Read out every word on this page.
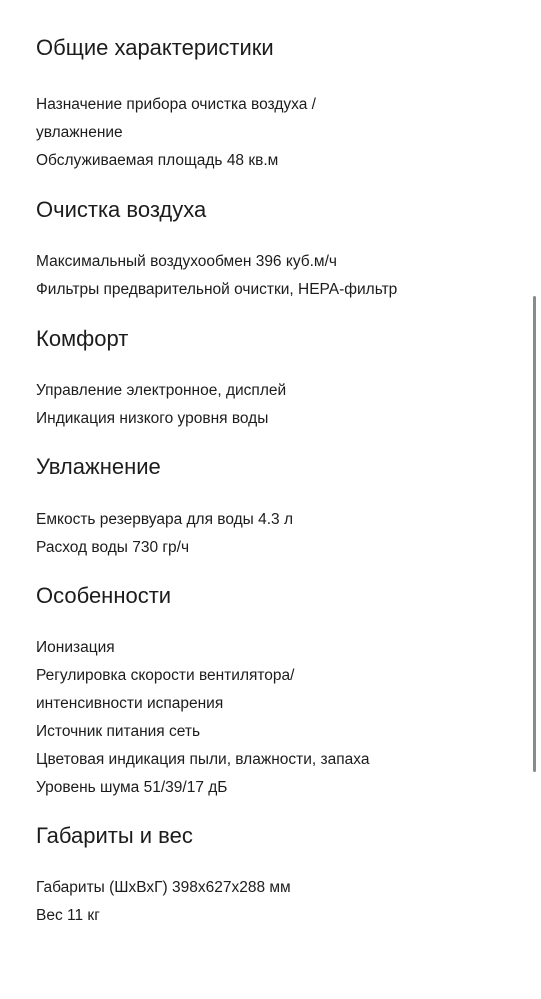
Общие характеристики

Назначение прибора очистка воздуха /

увлажнение

Обслуживаемая площадь 48 кв.м

Очистка воздуха

Максимальный воздухообмен 396 куб.м/ч

Фильтры предварительной очистки, HEPA-фильтр

Комфорт

Управление электронное, дисплей

Индикация низкого уровня воды

Увлажнение

Емкость резервуара для воды 4.3 л

Расход воды 730 гр/ч

Особенности

Ионизация

Регулировка скорости вентилятора/

интенсивности испарения

Источник питания сеть

Цветовая индикация пыли, влажности, запаха

Уровень шума 51/39/17 дБ

Габариты и вес

Габариты (ШхВхГ) 398x627x288 мм

Вес 11 кг
